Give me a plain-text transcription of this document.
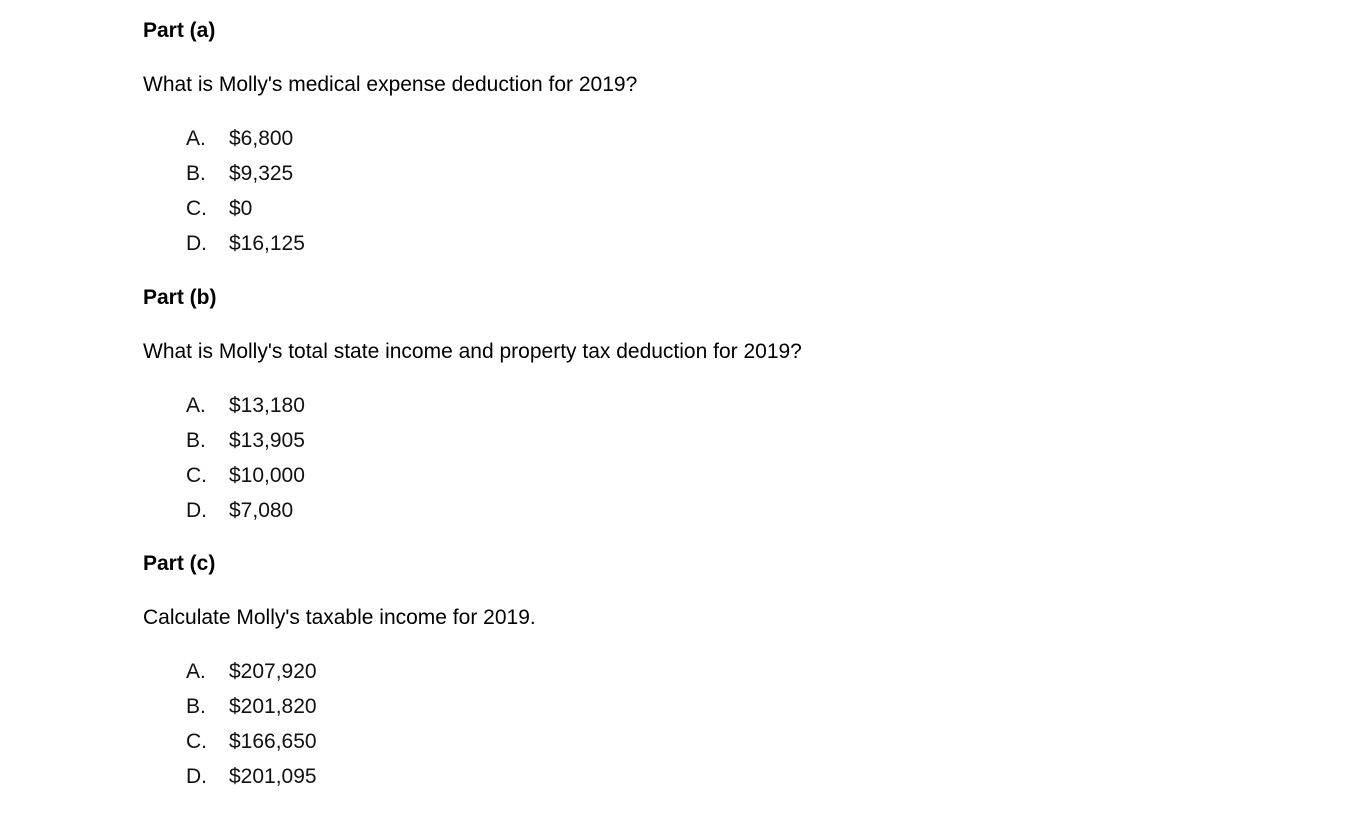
Part (a)
What is Molly's medical expense deduction for 2019?
A. $6,800
B. $9,325
C. $0
D. $16,125
Part (b)
What is Molly's total state income and property tax deduction for 2019?
A. $13,180
B. $13,905
C. $10,000
D. $7,080
Part (c)
Calculate Molly's taxable income for 2019.
A. $207,920
B. $201,820
C. $166,650
D. $201,095
